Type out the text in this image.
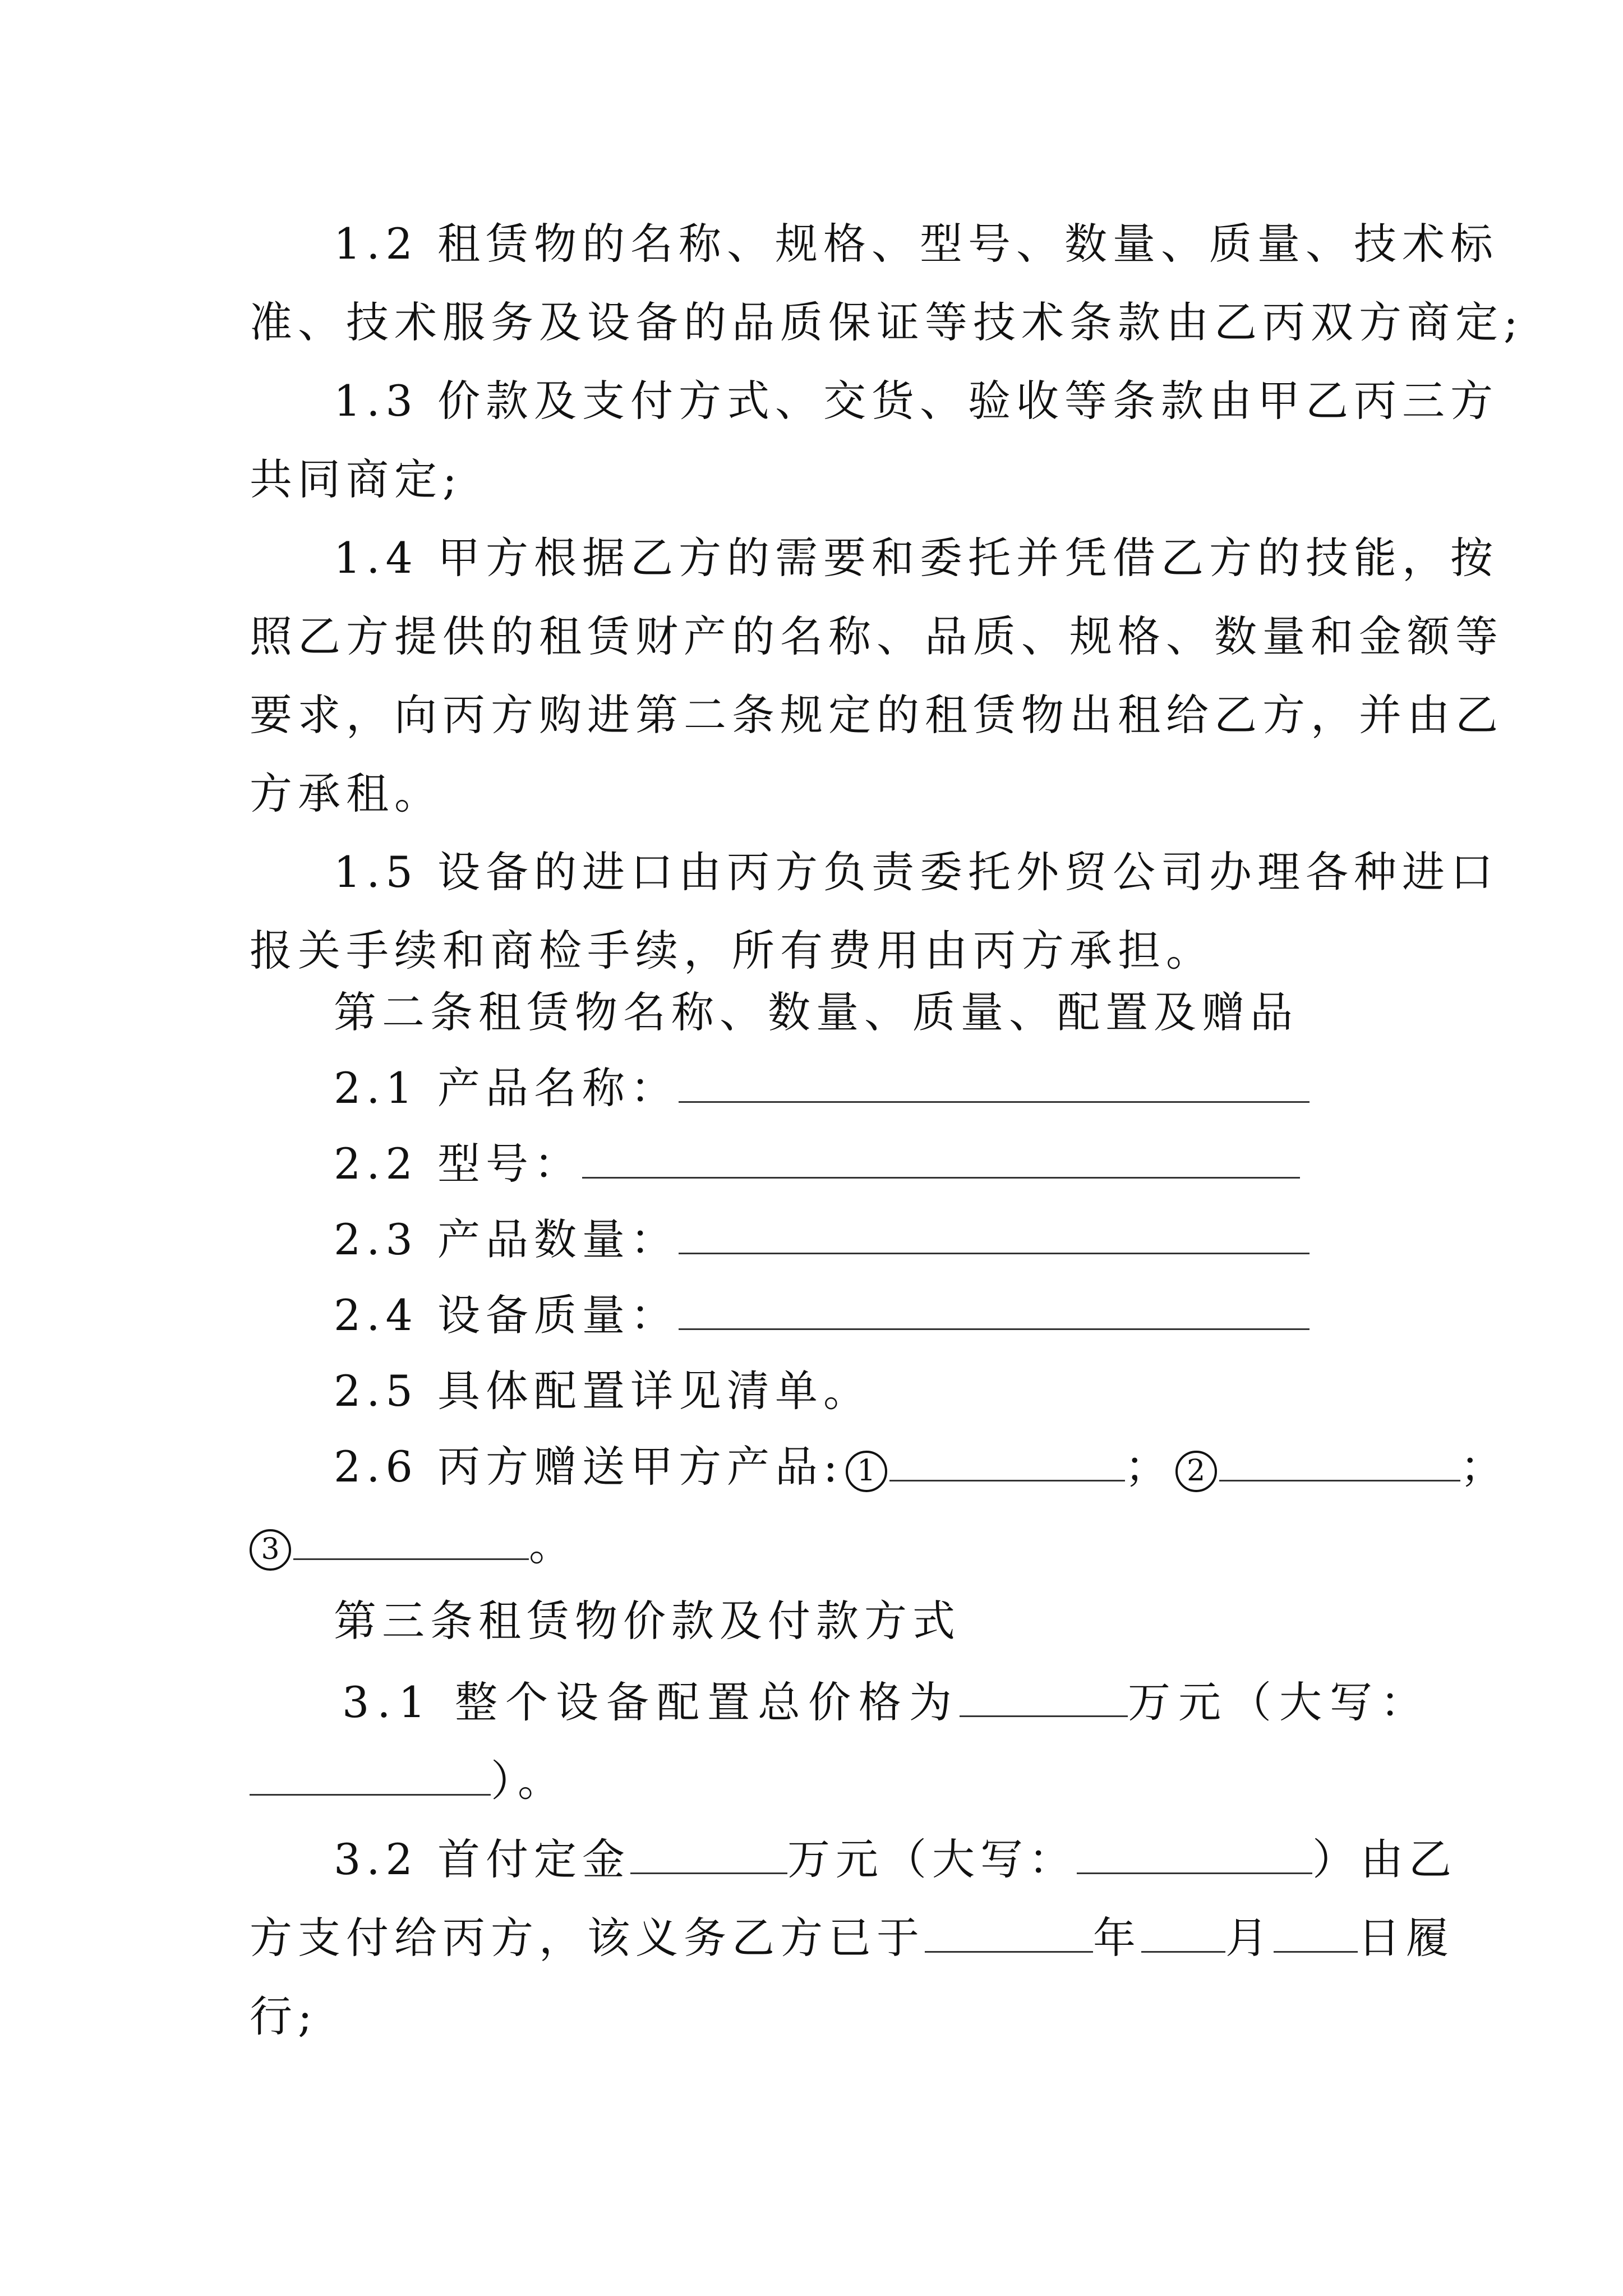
1.2 租赁物的名称、规格、型号、数量、质量、技术标
准、技术服务及设备的品质保证等技术条款由乙丙双方商定;

1.3 价款及支付方式、交货、验收等条款由甲乙丙三方
共同商定;

1.4 甲方根据乙方的需要和委托并凭借乙方的技能，按
照乙方提供的租赁财产的名称、品质、规格、数量和金额等
要求，向丙方购进第二条规定的租赁物出租给乙方，并由乙
方承租。

1.5 设备的进口由丙方负责委托外贸公司办理各种进口
报关手续和商检手续，所有费用由丙方承担。

第二条租赁物名称、数量、质量、配置及赠品

2.1 产品名称：

2.2 型号：

2.3 产品数量：

2.4 设备质量：

2.5 具体配置详见清单。

2.6 丙方赠送甲方产品: 1	； 2	；
3	。

第三条租赁物价款及付款方式

3.1 整个设备配置总价格为	万元（大写：
）。

3.2 首付定金	万元（大写：	）由乙
方支付给丙方，该义务乙方已于	年 月 日履
行;
